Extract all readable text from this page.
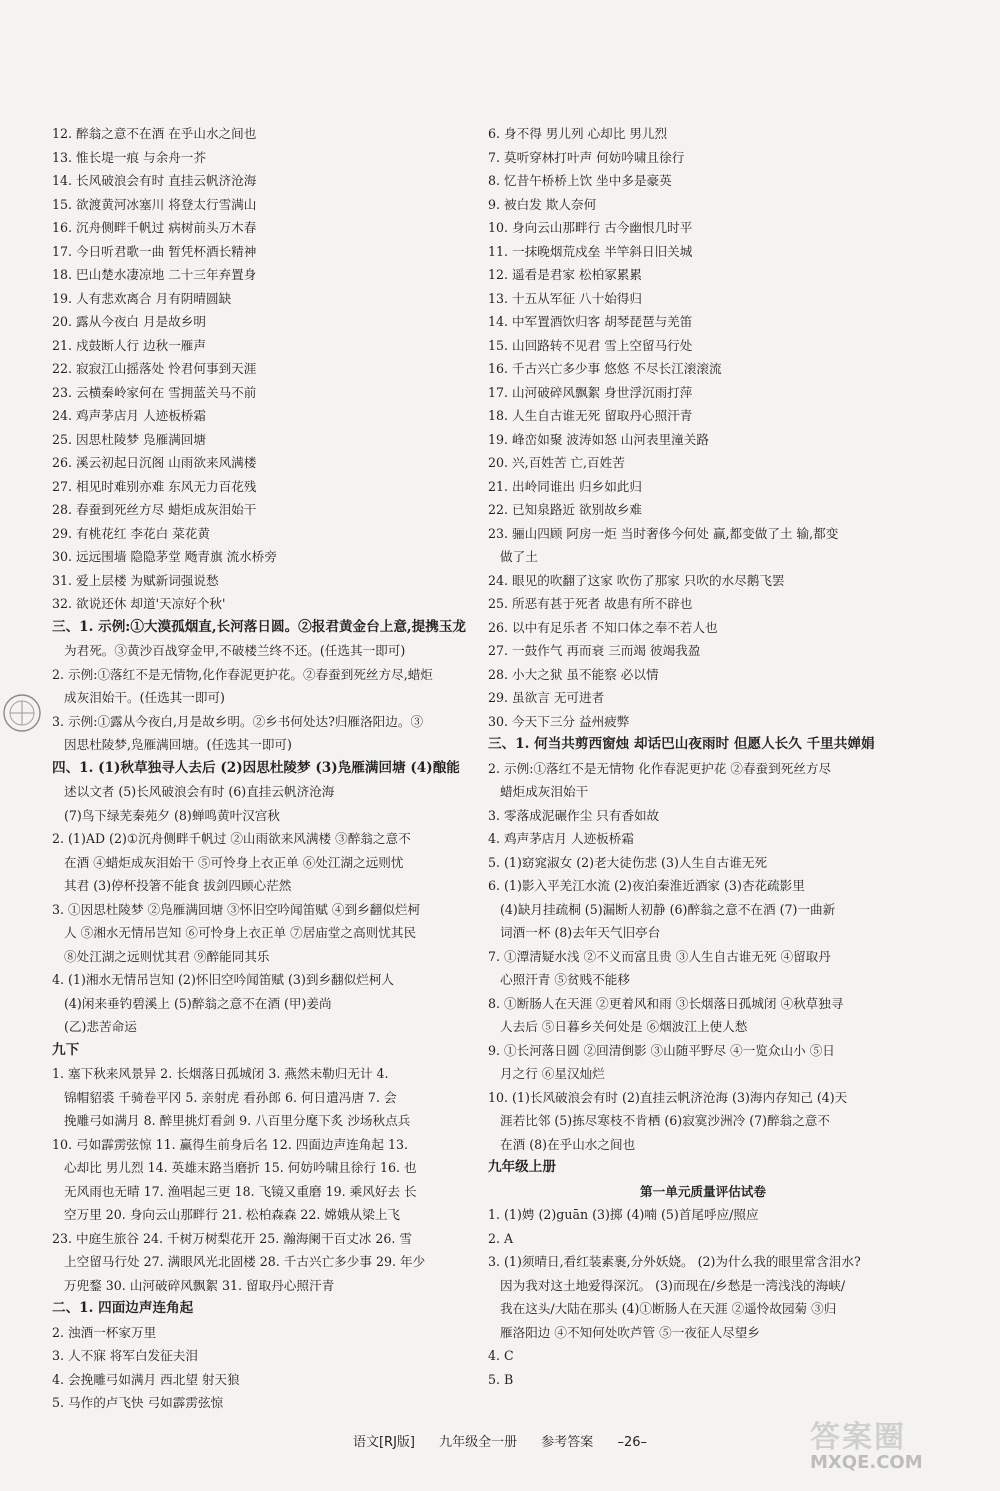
12. 醉翁之意不在酒 在乎山水之间也
13. 惟长堤一痕 与余舟一芥
14. 长风破浪会有时 直挂云帆济沧海
15. 欲渡黄河冰塞川 将登太行雪满山
16. 沉舟侧畔千帆过 病树前头万木春
17. 今日听君歌一曲 暂凭杯酒长精神
18. 巴山楚水凄凉地 二十三年弃置身
19. 人有悲欢离合 月有阴晴圆缺
20. 露从今夜白 月是故乡明
21. 戍鼓断人行 边秋一雁声
22. 寂寂江山摇落处 怜君何事到天涯
23. 云横秦岭家何在 雪拥蓝关马不前
24. 鸡声茅店月 人迹板桥霜
25. 因思杜陵梦 凫雁满回塘
26. 溪云初起日沉阁 山雨欲来风满楼
27. 相见时难别亦难 东风无力百花残
28. 春蚕到死丝方尽 蜡炬成灰泪始干
29. 有桃花红 李花白 菜花黄
30. 远远围墙 隐隐茅堂 飏青旗 流水桥旁
31. 爱上层楼 为赋新词强说愁
32. 欲说还休 却道'天凉好个秋'
三、1. 示例:①大漠孤烟直,长河落日圆。②报君黄金台上意,提携玉龙
为君死。③黄沙百战穿金甲,不破楼兰终不还。(任选其一即可)
2. 示例:①落红不是无情物,化作春泥更护花。②春蚕到死丝方尽,蜡炬
成灰泪始干。(任选其一即可)
3. 示例:①露从今夜白,月是故乡明。②乡书何处达?归雁洛阳边。③
因思杜陵梦,凫雁满回塘。(任选其一即可)
四、1. (1)秋草独寻人去后 (2)因思杜陵梦 (3)凫雁满回塘 (4)酿能
述以文者 (5)长风破浪会有时 (6)直挂云帆济沧海
(7)鸟下绿芜秦苑夕 (8)蝉鸣黄叶汉宫秋
2. (1)AD (2)①沉舟侧畔千帆过 ②山雨欲来风满楼 ③醉翁之意不
在酒 ④蜡炬成灰泪始干 ⑤可怜身上衣正单 ⑥处江湖之远则忧
其君 (3)停杯投箸不能食 拔剑四顾心茫然
3. ①因思杜陵梦 ②凫雁满回塘 ③怀旧空吟闻笛赋 ④到乡翻似烂柯
人 ⑤湘水无情吊岂知 ⑥可怜身上衣正单 ⑦居庙堂之高则忧其民
⑧处江湖之远则忧其君 ⑨醉能同其乐
4. (1)湘水无情吊岂知 (2)怀旧空吟闻笛赋 (3)到乡翻似烂柯人
(4)闲来垂钓碧溪上 (5)醉翁之意不在酒 (甲)姜尚
(乙)悲苦命运
九下
1. 塞下秋来风景异 2. 长烟落日孤城闭 3. 燕然未勒归无计 4.
锦帽貂裘 千骑卷平冈 5. 亲射虎 看孙郎 6. 何日遣冯唐 7. 会
挽雕弓如满月 8. 醉里挑灯看剑 9. 八百里分麾下炙 沙场秋点兵
10. 弓如霹雳弦惊 11. 赢得生前身后名 12. 四面边声连角起 13.
心却比 男儿烈 14. 英雄末路当磨折 15. 何妨吟啸且徐行 16. 也
无风雨也无晴 17. 渔唱起三更 18. 飞镜又重磨 19. 乘风好去 长
空万里 20. 身向云山那畔行 21. 松柏森森 22. 嫦娥从梁上飞
23. 中庭生旅谷 24. 千树万树梨花开 25. 瀚海阑干百丈冰 26. 雪
上空留马行处 27. 满眼风光北固楼 28. 千古兴亡多少事 29. 年少
万兜鍪 30. 山河破碎风飘絮 31. 留取丹心照汗青
二、1. 四面边声连角起
2. 浊酒一杯家万里
3. 人不寐 将军白发征夫泪
4. 会挽雕弓如满月 西北望 射天狼
5. 马作的卢飞快 弓如霹雳弦惊
6. 身不得 男儿列 心却比 男儿烈
7. 莫听穿林打叶声 何妨吟啸且徐行
8. 忆昔午桥桥上饮 坐中多是豪英
9. 被白发 欺人奈何
10. 身向云山那畔行 古今幽恨几时平
11. 一抹晚烟荒戍垒 半竿斜日旧关城
12. 遥看是君家 松柏冢累累
13. 十五从军征 八十始得归
14. 中军置酒饮归客 胡琴琵琶与羌笛
15. 山回路转不见君 雪上空留马行处
16. 千古兴亡多少事 悠悠 不尽长江滚滚流
17. 山河破碎风飘絮 身世浮沉雨打萍
18. 人生自古谁无死 留取丹心照汗青
19. 峰峦如聚 波涛如怒 山河表里潼关路
20. 兴,百姓苦 亡,百姓苦
21. 出岭同谁出 归乡如此归
22. 已知泉路近 欲别故乡难
23. 骊山四顾 阿房一炬 当时奢侈今何处 赢,都变做了土 输,都变
做了土
24. 眼见的吹翻了这家 吹伤了那家 只吹的水尽鹅飞罢
25. 所恶有甚于死者 故患有所不辟也
26. 以中有足乐者 不知口体之奉不若人也
27. 一鼓作气 再而衰 三而竭 彼竭我盈
28. 小大之狱 虽不能察 必以情
29. 虽欲言 无可进者
30. 今天下三分 益州疲弊
三、1. 何当共剪西窗烛 却话巴山夜雨时 但愿人长久 千里共婵娟
2. 示例:①落红不是无情物 化作春泥更护花 ②春蚕到死丝方尽
蜡炬成灰泪始干
3. 零落成泥碾作尘 只有香如故
4. 鸡声茅店月 人迹板桥霜
5. (1)窈窕淑女 (2)老大徒伤悲 (3)人生自古谁无死
6. (1)影入平羌江水流 (2)夜泊秦淮近酒家 (3)杏花疏影里
(4)缺月挂疏桐 (5)漏断人初静 (6)醉翁之意不在酒 (7)一曲新
词酒一杯 (8)去年天气旧亭台
7. ①潭清疑水浅 ②不义而富且贵 ③人生自古谁无死 ④留取丹
心照汗青 ⑤贫贱不能移
8. ①断肠人在天涯 ②更着风和雨 ③长烟落日孤城闭 ④秋草独寻
人去后 ⑤日暮乡关何处是 ⑥烟波江上使人愁
9. ①长河落日圆 ②回清倒影 ③山随平野尽 ④一览众山小 ⑤日
月之行 ⑥星汉灿烂
10. (1)长风破浪会有时 (2)直挂云帆济沧海 (3)海内存知己 (4)天
涯若比邻 (5)拣尽寒枝不肯栖 (6)寂寞沙洲冷 (7)醉翁之意不
在酒 (8)在乎山水之间也
九年级上册
第一单元质量评估试卷
1. (1)娉 (2)guān (3)掷 (4)喃 (5)首尾呼应/照应
2. A
3. (1)须晴日,看红装素裹,分外妖娆。 (2)为什么我的眼里常含泪水?
因为我对这土地爱得深沉。 (3)而现在/乡愁是一湾浅浅的海峡/
我在这头/大陆在那头 (4)①断肠人在天涯 ②遥怜故园菊 ③归
雁洛阳边 ④不知何处吹芦管 ⑤一夜征人尽望乡
4. C
5. B
语文[RJ版] 九年级全一册 参考答案 –26–	答案圈
MXQE.COM
